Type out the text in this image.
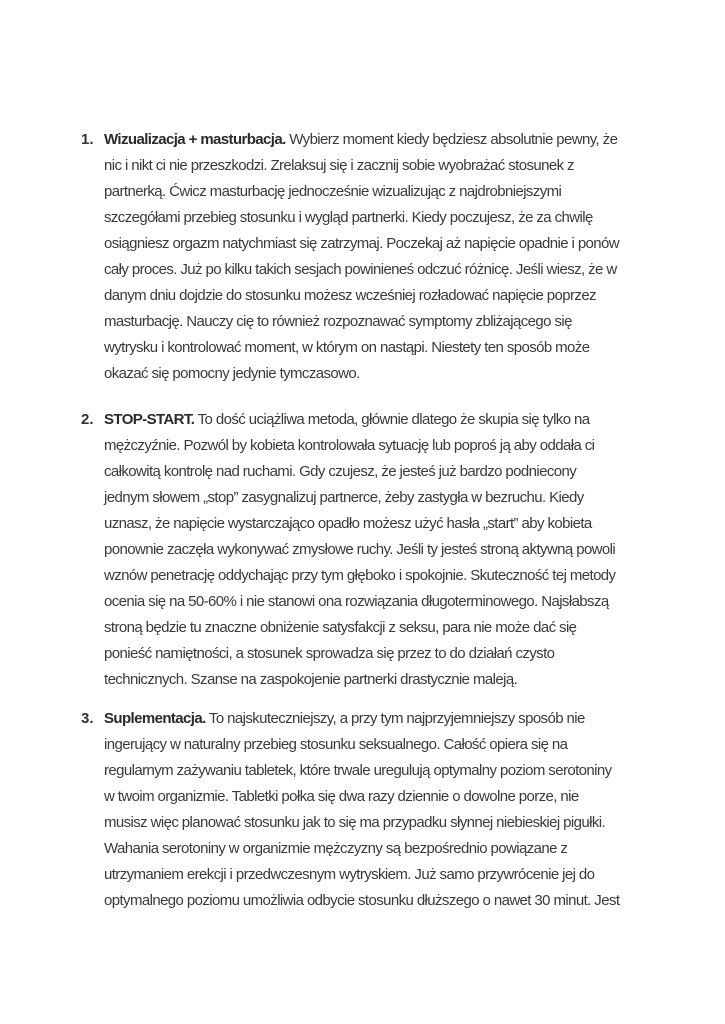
1. Wizualizacja + masturbacja. Wybierz moment kiedy będziesz absolutnie pewny, że
nic i nikt ci nie przeszkodzi. Zrelaksuj się i zacznij sobie wyobrażać stosunek z
partnerką. Ćwicz masturbację jednocześnie wizualizując z najdrobniejszymi
szczegółami przebieg stosunku i wygląd partnerki. Kiedy poczujesz, że za chwilę
osiągniesz orgazm natychmiast się zatrzymaj. Poczekaj aż napięcie opadnie i ponów
cały proces. Już po kilku takich sesjach powinieneś odczuć różnicę. Jeśli wiesz, że w
danym dniu dojdzie do stosunku możesz wcześniej rozładować napięcie poprzez
masturbację. Nauczy cię to również rozpoznawać symptomy zbliżającego się
wytrysku i kontrolować moment, w którym on nastąpi. Niestety ten sposób może
okazać się pomocny jedynie tymczasowo.
2. STOP-START. To dość uciążliwa metoda, głównie dlatego że skupia się tylko na
mężczyźnie. Pozwól by kobieta kontrolowała sytuację lub poproś ją aby oddała ci
całkowitą kontrolę nad ruchami. Gdy czujesz, że jesteś już bardzo podniecony
jednym słowem „stop” zasygnalizuj partnerce, żeby zastygła w bezruchu. Kiedy
uznasz, że napięcie wystarczająco opadło możesz użyć hasła „start” aby kobieta
ponownie zaczęła wykonywać zmysłowe ruchy. Jeśli ty jesteś stroną aktywną powoli
wznów penetrację oddychając przy tym głęboko i spokojnie. Skuteczność tej metody
ocenia się na 50-60% i nie stanowi ona rozwiązania długoterminowego. Najsłabszą
stroną będzie tu znaczne obniżenie satysfakcji z seksu, para nie może dać się
ponieść namiętności, a stosunek sprowadza się przez to do działań czysto
technicznych. Szanse na zaspokojenie partnerki drastycznie maleją.
3. Suplementacja. To najskuteczniejszy, a przy tym najprzyjemniejszy sposób nie
ingerujący w naturalny przebieg stosunku seksualnego. Całość opiera się na
regularnym zażywaniu tabletek, które trwale uregulują optymalny poziom serotoniny
w twoim organizmie. Tabletki połka się dwa razy dziennie o dowolne porze, nie
musisz więc planować stosunku jak to się ma przypadku słynnej niebieskiej pigułki.
Wahania serotoniny w organizmie mężczyzny są bezpośrednio powiązane z
utrzymaniem erekcji i przedwczesnym wytryskiem. Już samo przywrócenie jej do
optymalnego poziomu umożliwia odbycie stosunku dłuższego o nawet 30 minut. Jest
